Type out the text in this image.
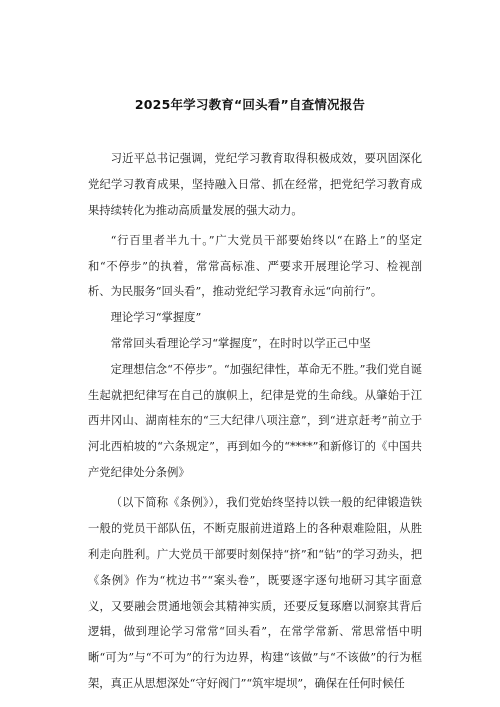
2025年学习教育“回头看”自查情况报告

习近平总书记强调，党纪学习教育取得积极成效，要巩固深化党纪学习教育成果，坚持融入日常、抓在经常，把党纪学习教育成果持续转化为推动高质量发展的强大动力。

“行百里者半九十。”广大党员干部要始终以“在路上”的坚定和“不停步”的执着，常常高标准、严要求开展理论学习、检视剖析、为民服务“回头看”，推动党纪学习教育永远“向前行”。

理论学习“掌握度”

常常回头看理论学习“掌握度”，在时时以学正己中坚

定理想信念“不停步”。“加强纪律性，革命无不胜。”我们党自诞生起就把纪律写在自己的旗帜上，纪律是党的生命线。从肇始于江西井冈山、湖南桂东的“三大纪律八项注意”，到“进京赶考”前立于河北西柏坡的“六条规定”，再到如今的“****”和新修订的《中国共产党纪律处分条例》

（以下简称《条例》），我们党始终坚持以铁一般的纪律锻造铁一般的党员干部队伍，不断克服前进道路上的各种艰难险阻，从胜利走向胜利。广大党员干部要时刻保持“挤”和“钻”的学习劲头，把《条例》作为“枕边书”“案头卷”，既要逐字逐句地研习其字面意义，又要融会贯通地领会其精神实质，还要反复琢磨以洞察其背后逻辑，做到理论学习常常“回头看”，在常学常新、常思常悟中明晰“可为”与“不可为”的行为边界，构建“该做”与“不该做”的行为框架，真正从思想深处“守好阀门”“筑牢堤坝”，确保在任何时候任
